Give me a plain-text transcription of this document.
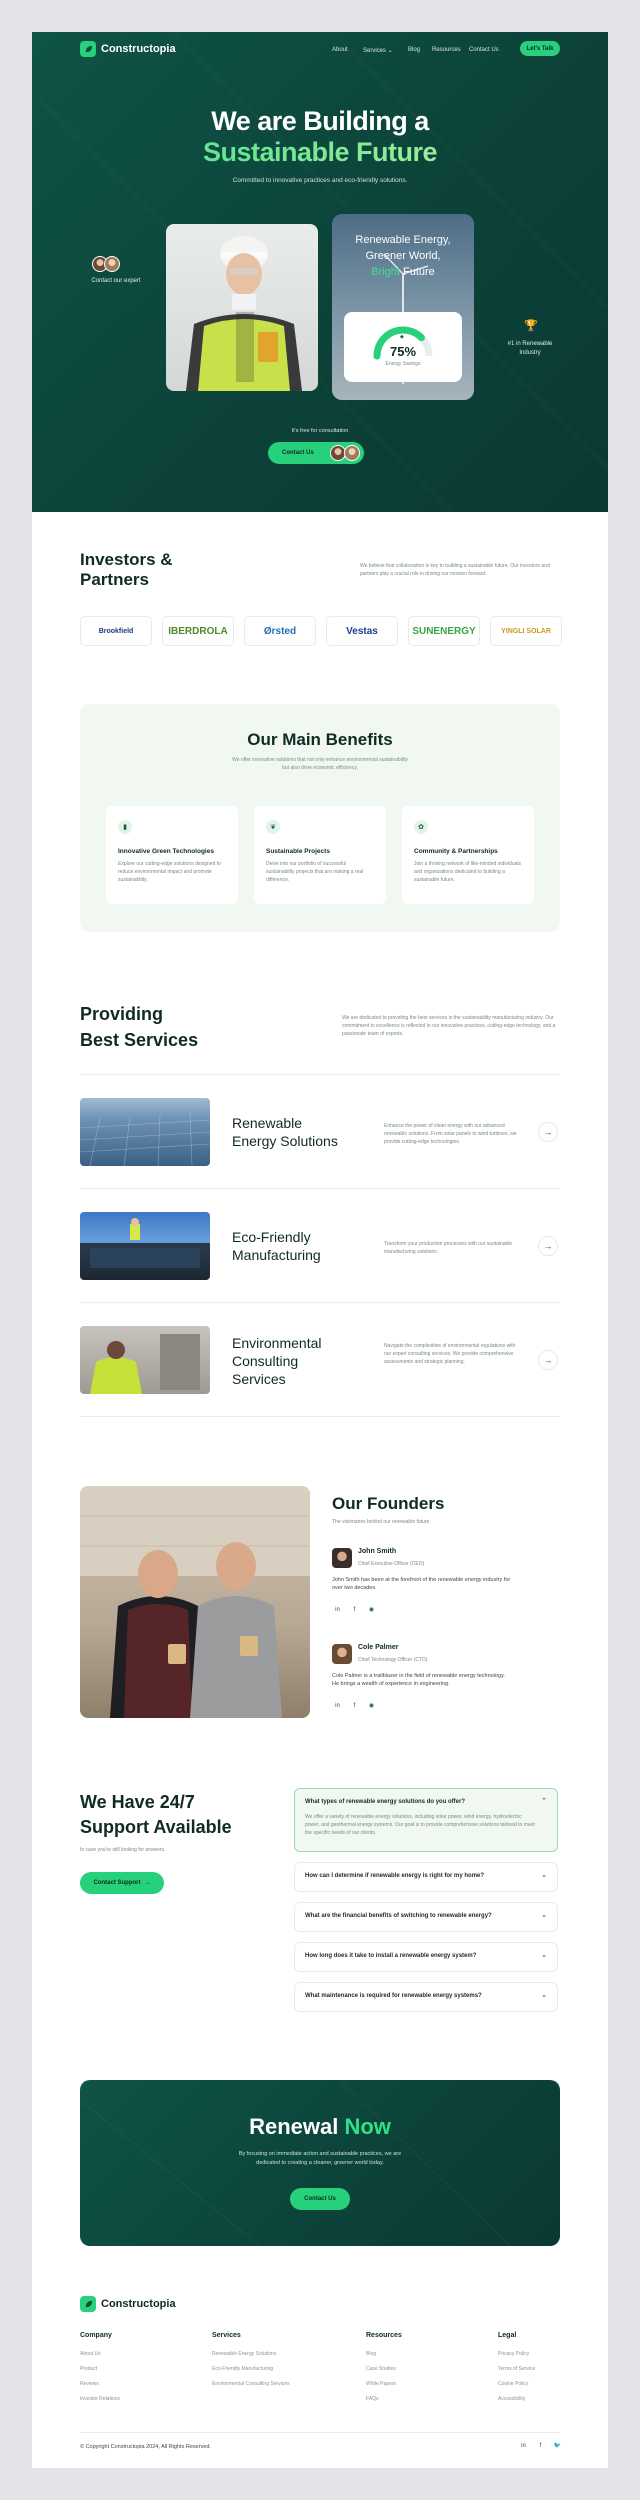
Constructopia	About	Services ⌄	Blog Resources Contact Us	Let's Talk
We are Building a
Sustainable Future
Committed to innovative practices and eco-friendly solutions.
Contact our expert
Renewable Energy,
Greener World,
Bright Future
◆
75%
Energy Savings
🏆
#1 in Renewable Industry
It's free for consultation
Contact Us
Investors &
Partners
We believe that collaboration is key to building a sustainable future. Our investors and partners play a crucial role in driving our mission forward.
Brookfield	IBERDROLA	Ørsted	Vestas	SUNENERGY	YINGLI SOLAR
Our Main Benefits
We offer innovative solutions that not only enhance environmental sustainability but also drive economic efficiency.
▮
Innovative Green Technologies
Explore our cutting-edge solutions designed to reduce environmental impact and promote sustainability.
❦
Sustainable Projects
Delve into our portfolio of successful sustainability projects that are making a real difference.
✿
Community & Partnerships
Join a thriving network of like-minded individuals and organizations dedicated to building a sustainable future.
Providing
Best Services
We are dedicated to providing the best services in the sustainability manufacturing industry. Our commitment to excellence is reflected in our innovative practices, cutting-edge technology, and a passionate team of experts.
Renewable
Energy Solutions
Enhance the power of clean energy with our advanced renewable solutions. From solar panels to wind turbines, we provide cutting-edge technologies.
→
Eco-Friendly
Manufacturing
Transform your production processes with our sustainable manufacturing solutions.
→
Environmental
Consulting
Services
Navigate the complexities of environmental regulations with our expert consulting services. We provide comprehensive assessments and strategic planning.	→
Our Founders
The visionaries behind our renewable future
John Smith
Chief Executive Officer (CEO)
John Smith has been at the forefront of the renewable energy industry for over two decades.
in	f	◉
Cole Palmer
Chief Technology Officer (CTO)
Cole Palmer is a trailblazer in the field of renewable energy technology. He brings a wealth of experience in engineering.
in	f	◉
We Have 24/7
Support Available
In case you're still looking for answers.
Contact Support →
What types of renewable energy solutions do you offer?	⌃
We offer a variety of renewable energy solutions, including solar power, wind energy, hydroelectric power, and geothermal energy systems. Our goal is to provide comprehensive solutions tailored to meet the specific needs of our clients.
How can I determine if renewable energy is right for my home?	⌄
What are the financial benefits of switching to renewable energy?	⌄
How long does it take to install a renewable energy system?	⌄
What maintenance is required for renewable energy systems?	⌄
Renewal Now
By focusing on immediate action and sustainable practices, we are dedicated to creating a cleaner, greener world today.
Contact Us
Constructopia
Company
About Us
Product
Reviews
Investor Relations
Services
Renewable Energy Solutions
Eco-Friendly Manufacturing
Environmental Consulting Services
Resources
Blog
Case Studies
White Papers
FAQs
Legal
Privacy Policy
Terms of Service
Cookie Policy
Accessibility
© Copyright Constructopia 2024, All Rights Reserved.	in	f	🐦
